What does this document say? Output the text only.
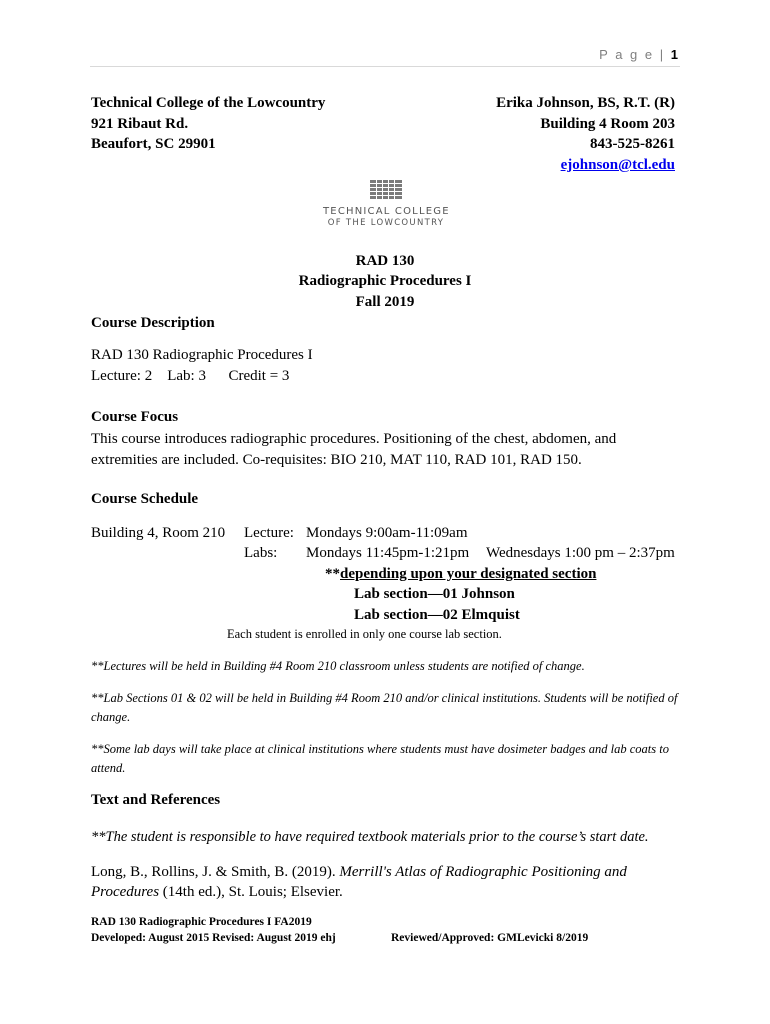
P a g e | 1
Technical College of the Lowcountry
921 Ribaut Rd.
Beaufort, SC 29901
Erika Johnson, BS, R.T. (R)
Building 4 Room 203
843-525-8261
ejohnson@tcl.edu
TECHNICAL COLLEGE
OF THE LOWCOUNTRY
RAD 130
Radiographic Procedures I
Fall 2019
Course Description
RAD 130 Radiographic Procedures I
Lecture: 2 Lab: 3 Credit = 3
Course Focus
This course introduces radiographic procedures. Positioning of the chest, abdomen, and extremities are included. Co-requisites: BIO 210, MAT 110, RAD 101, RAD 150.
Course Schedule
Building 4, Room 210 Lecture: Mondays 9:00am-11:09am
Labs: Mondays 11:45pm-1:21pm Wednesdays 1:00 pm – 2:37pm
**depending upon your designated section
Lab section—01 Johnson
Lab section—02 Elmquist
Each student is enrolled in only one course lab section.
**Lectures will be held in Building #4 Room 210 classroom unless students are notified of change.
**Lab Sections 01 & 02 will be held in Building #4 Room 210 and/or clinical institutions. Students will be notified of change.
**Some lab days will take place at clinical institutions where students must have dosimeter badges and lab coats to attend.
Text and References
**The student is responsible to have required textbook materials prior to the course’s start date.
Long, B., Rollins, J. & Smith, B. (2019). Merrill's Atlas of Radiographic Positioning and Procedures (14th ed.), St. Louis; Elsevier.
RAD 130 Radiographic Procedures I FA2019
Developed: August 2015 Revised: August 2019 ehj	Reviewed/Approved: GMLevicki 8/2019
